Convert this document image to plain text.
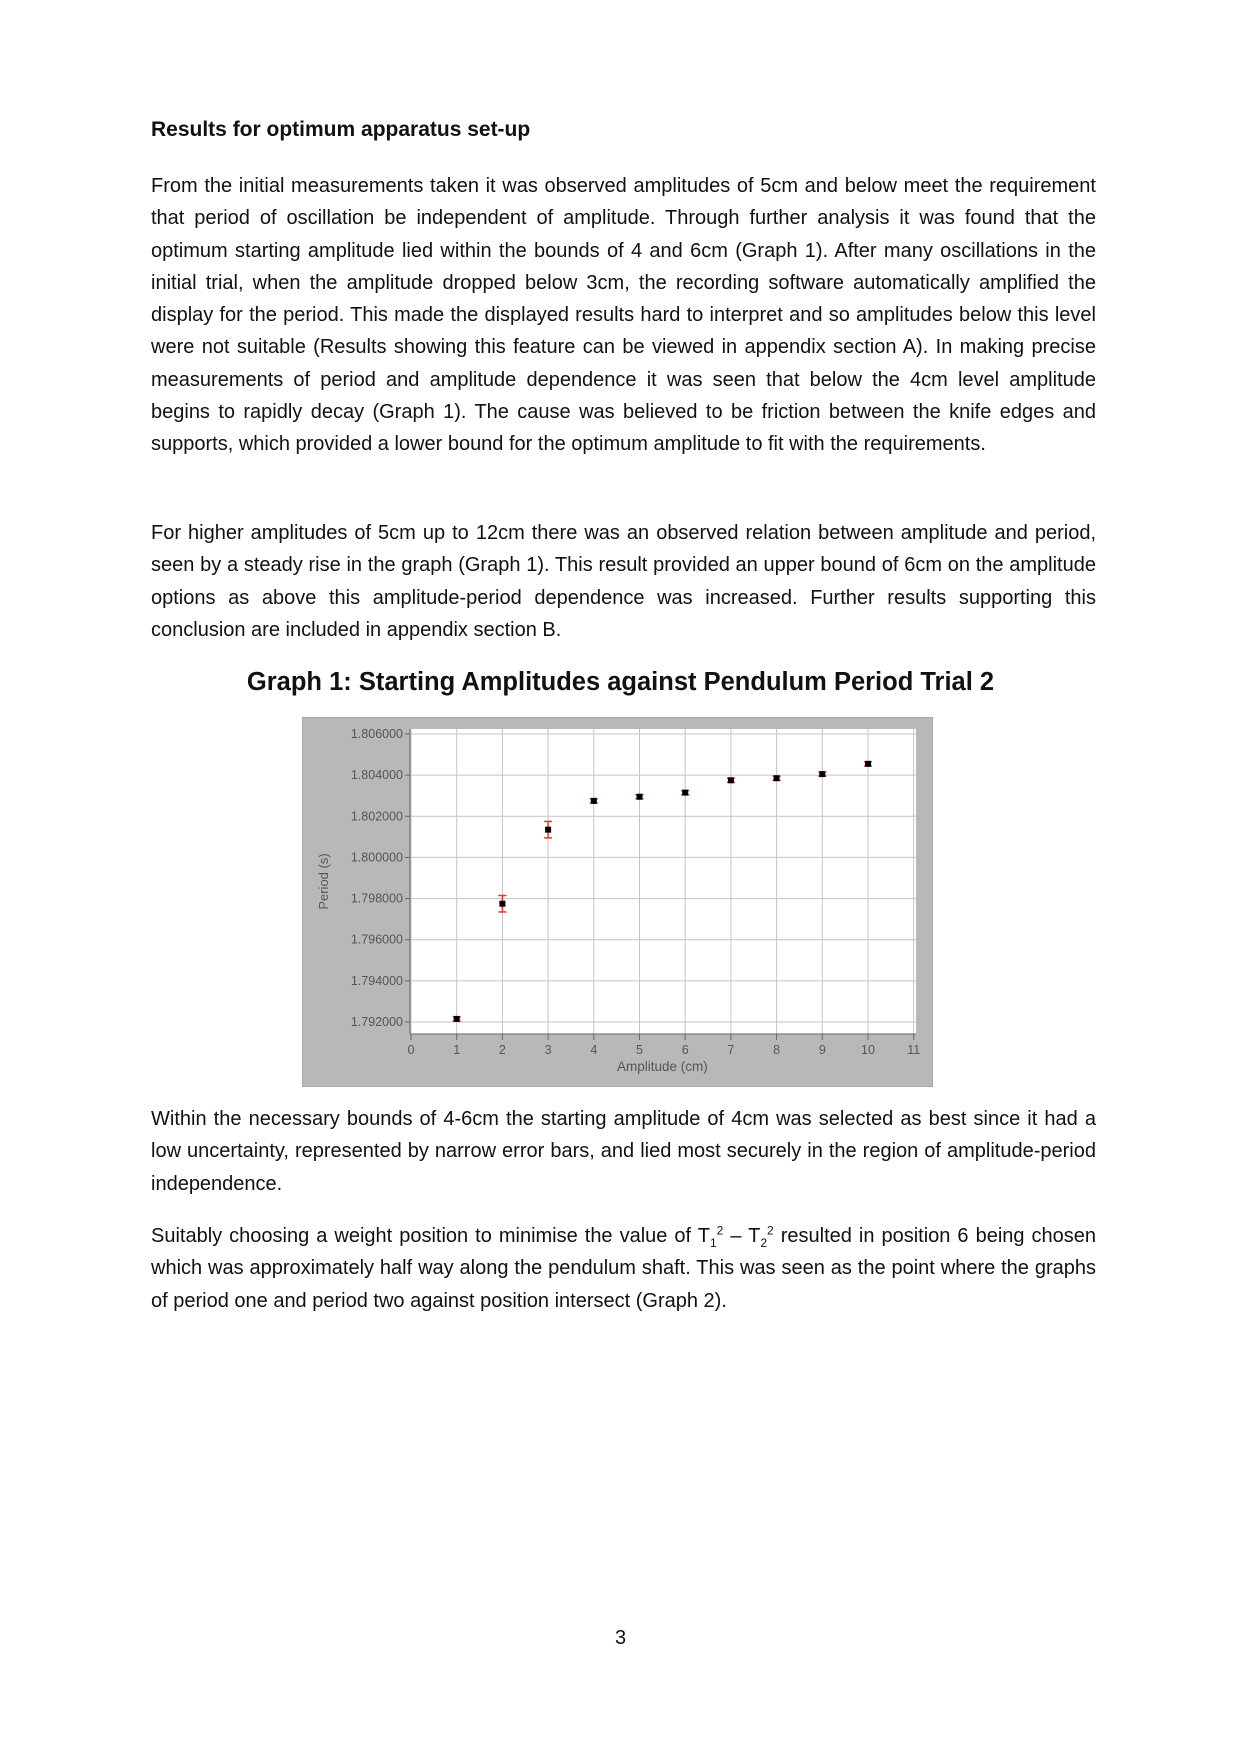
Results for optimum apparatus set-up

From the initial measurements taken it was observed amplitudes of 5cm and below meet the requirement that period of oscillation be independent of amplitude. Through further analysis it was found that the optimum starting amplitude lied within the bounds of 4 and 6cm (Graph 1). After many oscillations in the initial trial, when the amplitude dropped below 3cm, the recording software automatically amplified the display for the period. This made the displayed results hard to interpret and so amplitudes below this level were not suitable (Results showing this feature can be viewed in appendix section A). In making precise measurements of period and amplitude dependence it was seen that below the 4cm level amplitude begins to rapidly decay (Graph 1). The cause was believed to be friction between the knife edges and supports, which provided a lower bound for the optimum amplitude to fit with the requirements.

For higher amplitudes of 5cm up to 12cm there was an observed relation between amplitude and period, seen by a steady rise in the graph (Graph 1). This result provided an upper bound of 6cm on the amplitude options as above this amplitude-period dependence was increased. Further results supporting this conclusion are included in appendix section B.

Graph 1: Starting Amplitudes against Pendulum Period Trial 2
1.792000
1.794000
1.796000
1.798000
1.800000
1.802000
1.804000
1.806000
0	1	2	3	4	5	6	7	8	9	10	11
Amplitude (cm)
Period (s)

Within the necessary bounds of 4-6cm the starting amplitude of 4cm was selected as best since it had a low uncertainty, represented by narrow error bars, and lied most securely in the region of amplitude-period independence.

Suitably choosing a weight position to minimise the value of $T_1^2 - T_2^2$ resulted in position 6 being chosen which was approximately half way along the pendulum shaft. This was seen as the point where the graphs of period one and period two against position intersect (Graph 2).

3
